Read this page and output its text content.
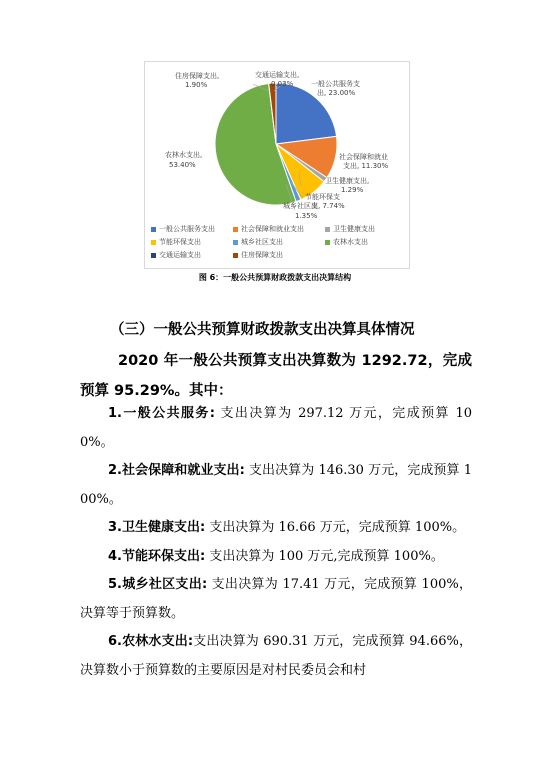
一般公共服务支
出, 23.00%
社会保障和就业
支出, 11.30%
交通运输支出,
0.03%
住房保障支出,
1.90%
农林水支出,
53.40%
卫生健康支出,
1.29%
节能环保支
出, 7.74%
城乡社区支
1.35%
一般公共服务支出	社会保障和就业支出	卫生健康支出
节能环保支出	城乡社区支出	农林水支出
交通运输支出	住房保障支出
图 6：一般公共预算财政拨款支出决算结构
（三）一般公共预算财政拨款支出决算具体情况
2020 年一般公共预算支出决算数为 1292.72，完成预算 95.29%。其中：

1.一般公共服务: 支出决算为 297.12 万元，完成预算 100%。

2.社会保障和就业支出: 支出决算为 146.30 万元，完成预算 100%。

3.卫生健康支出: 支出决算为 16.66 万元，完成预算 100%。

4.节能环保支出: 支出决算为 100 万元,完成预算 100%。

5.城乡社区支出: 支出决算为 17.41 万元，完成预算 100%，决算等于预算数。

6.农林水支出:支出决算为 690.31 万元，完成预算 94.66%，决算数小于预算数的主要原因是对村民委员会和村
